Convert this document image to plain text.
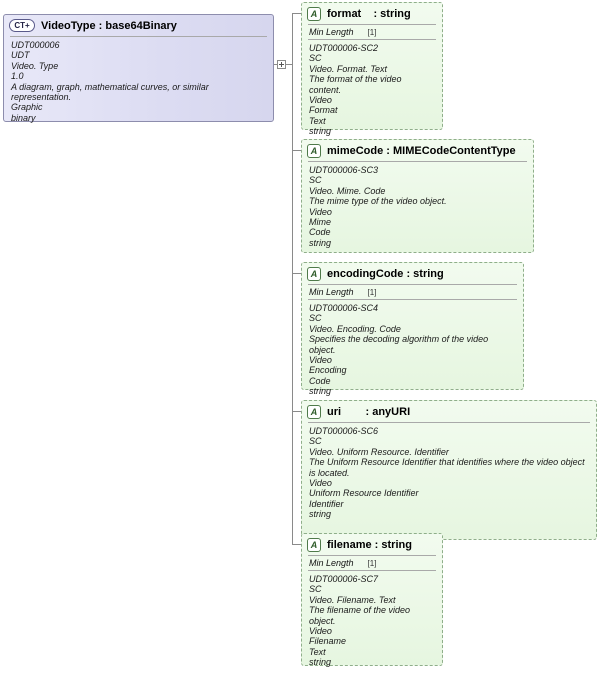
CT+	VideoType : base64Binary
UDT000006
UDT
Video. Type
1.0
A diagram, graph, mathematical curves, or similar representation.
Graphic
binary
A format    : string
Min Length [1]
UDT000006-SC2
SC
Video. Format. Text
The format of the video content.
Video
Format
Text
string
A mimeCode : MIMECodeContentType
UDT000006-SC3
SC
Video. Mime. Code
The mime type of the video object.
Video
Mime
Code
string
A encodingCode : string
Min Length [1]
UDT000006-SC4
SC
Video. Encoding. Code
Specifies the decoding algorithm of the video object.
Video
Encoding
Code
string
A uri        : anyURI
UDT000006-SC6
SC
Video. Uniform Resource. Identifier
The Uniform Resource Identifier that identifies where the video object is located.
Video
Uniform Resource Identifier
Identifier
string
A filename : string
Min Length [1]
UDT000006-SC7
SC
Video. Filename. Text
The filename of the video object.
Video
Filename
Text
string
